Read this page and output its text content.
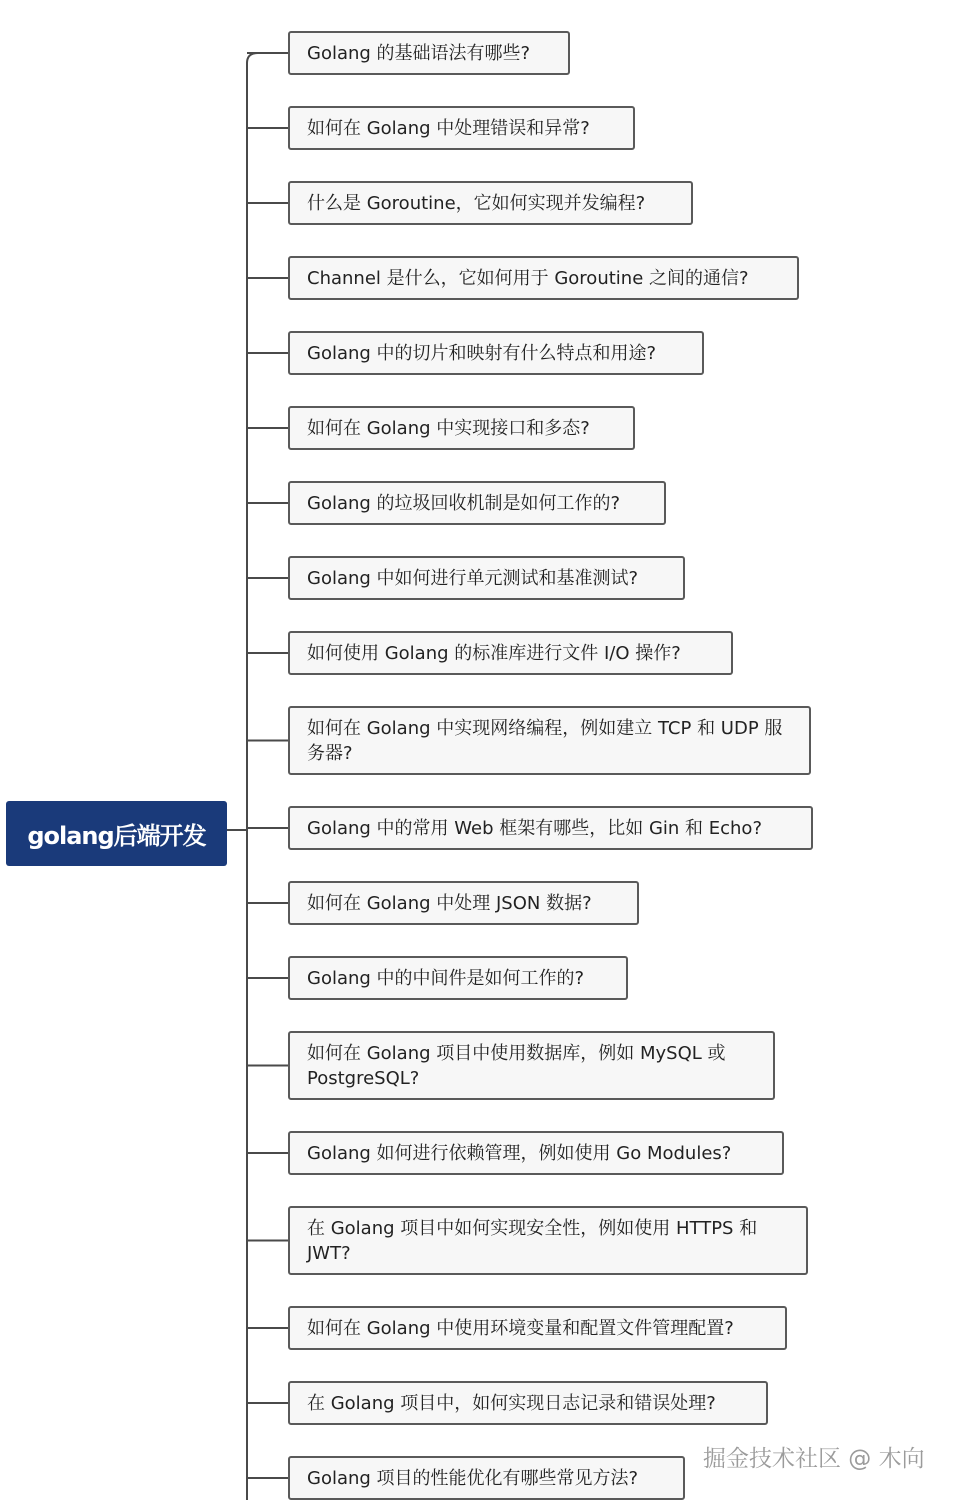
golang后端开发
Golang 的基础语法有哪些?
如何在 Golang 中处理错误和异常?
什么是 Goroutine，它如何实现并发编程?
Channel 是什么，它如何用于 Goroutine 之间的通信?
Golang 中的切片和映射有什么特点和用途?
如何在 Golang 中实现接口和多态?
Golang 的垃圾回收机制是如何工作的?
Golang 中如何进行单元测试和基准测试?
如何使用 Golang 的标准库进行文件 I/O 操作?
如何在 Golang 中实现网络编程，例如建立 TCP 和 UDP 服务器?
Golang 中的常用 Web 框架有哪些，比如 Gin 和 Echo?
如何在 Golang 中处理 JSON 数据?
Golang 中的中间件是如何工作的?
如何在 Golang 项目中使用数据库，例如 MySQL 或 PostgreSQL?
Golang 如何进行依赖管理，例如使用 Go Modules?
在 Golang 项目中如何实现安全性，例如使用 HTTPS 和 JWT?
如何在 Golang 中使用环境变量和配置文件管理配置?
在 Golang 项目中，如何实现日志记录和错误处理?
Golang 项目的性能优化有哪些常见方法?
掘金技术社区 @ 木向
